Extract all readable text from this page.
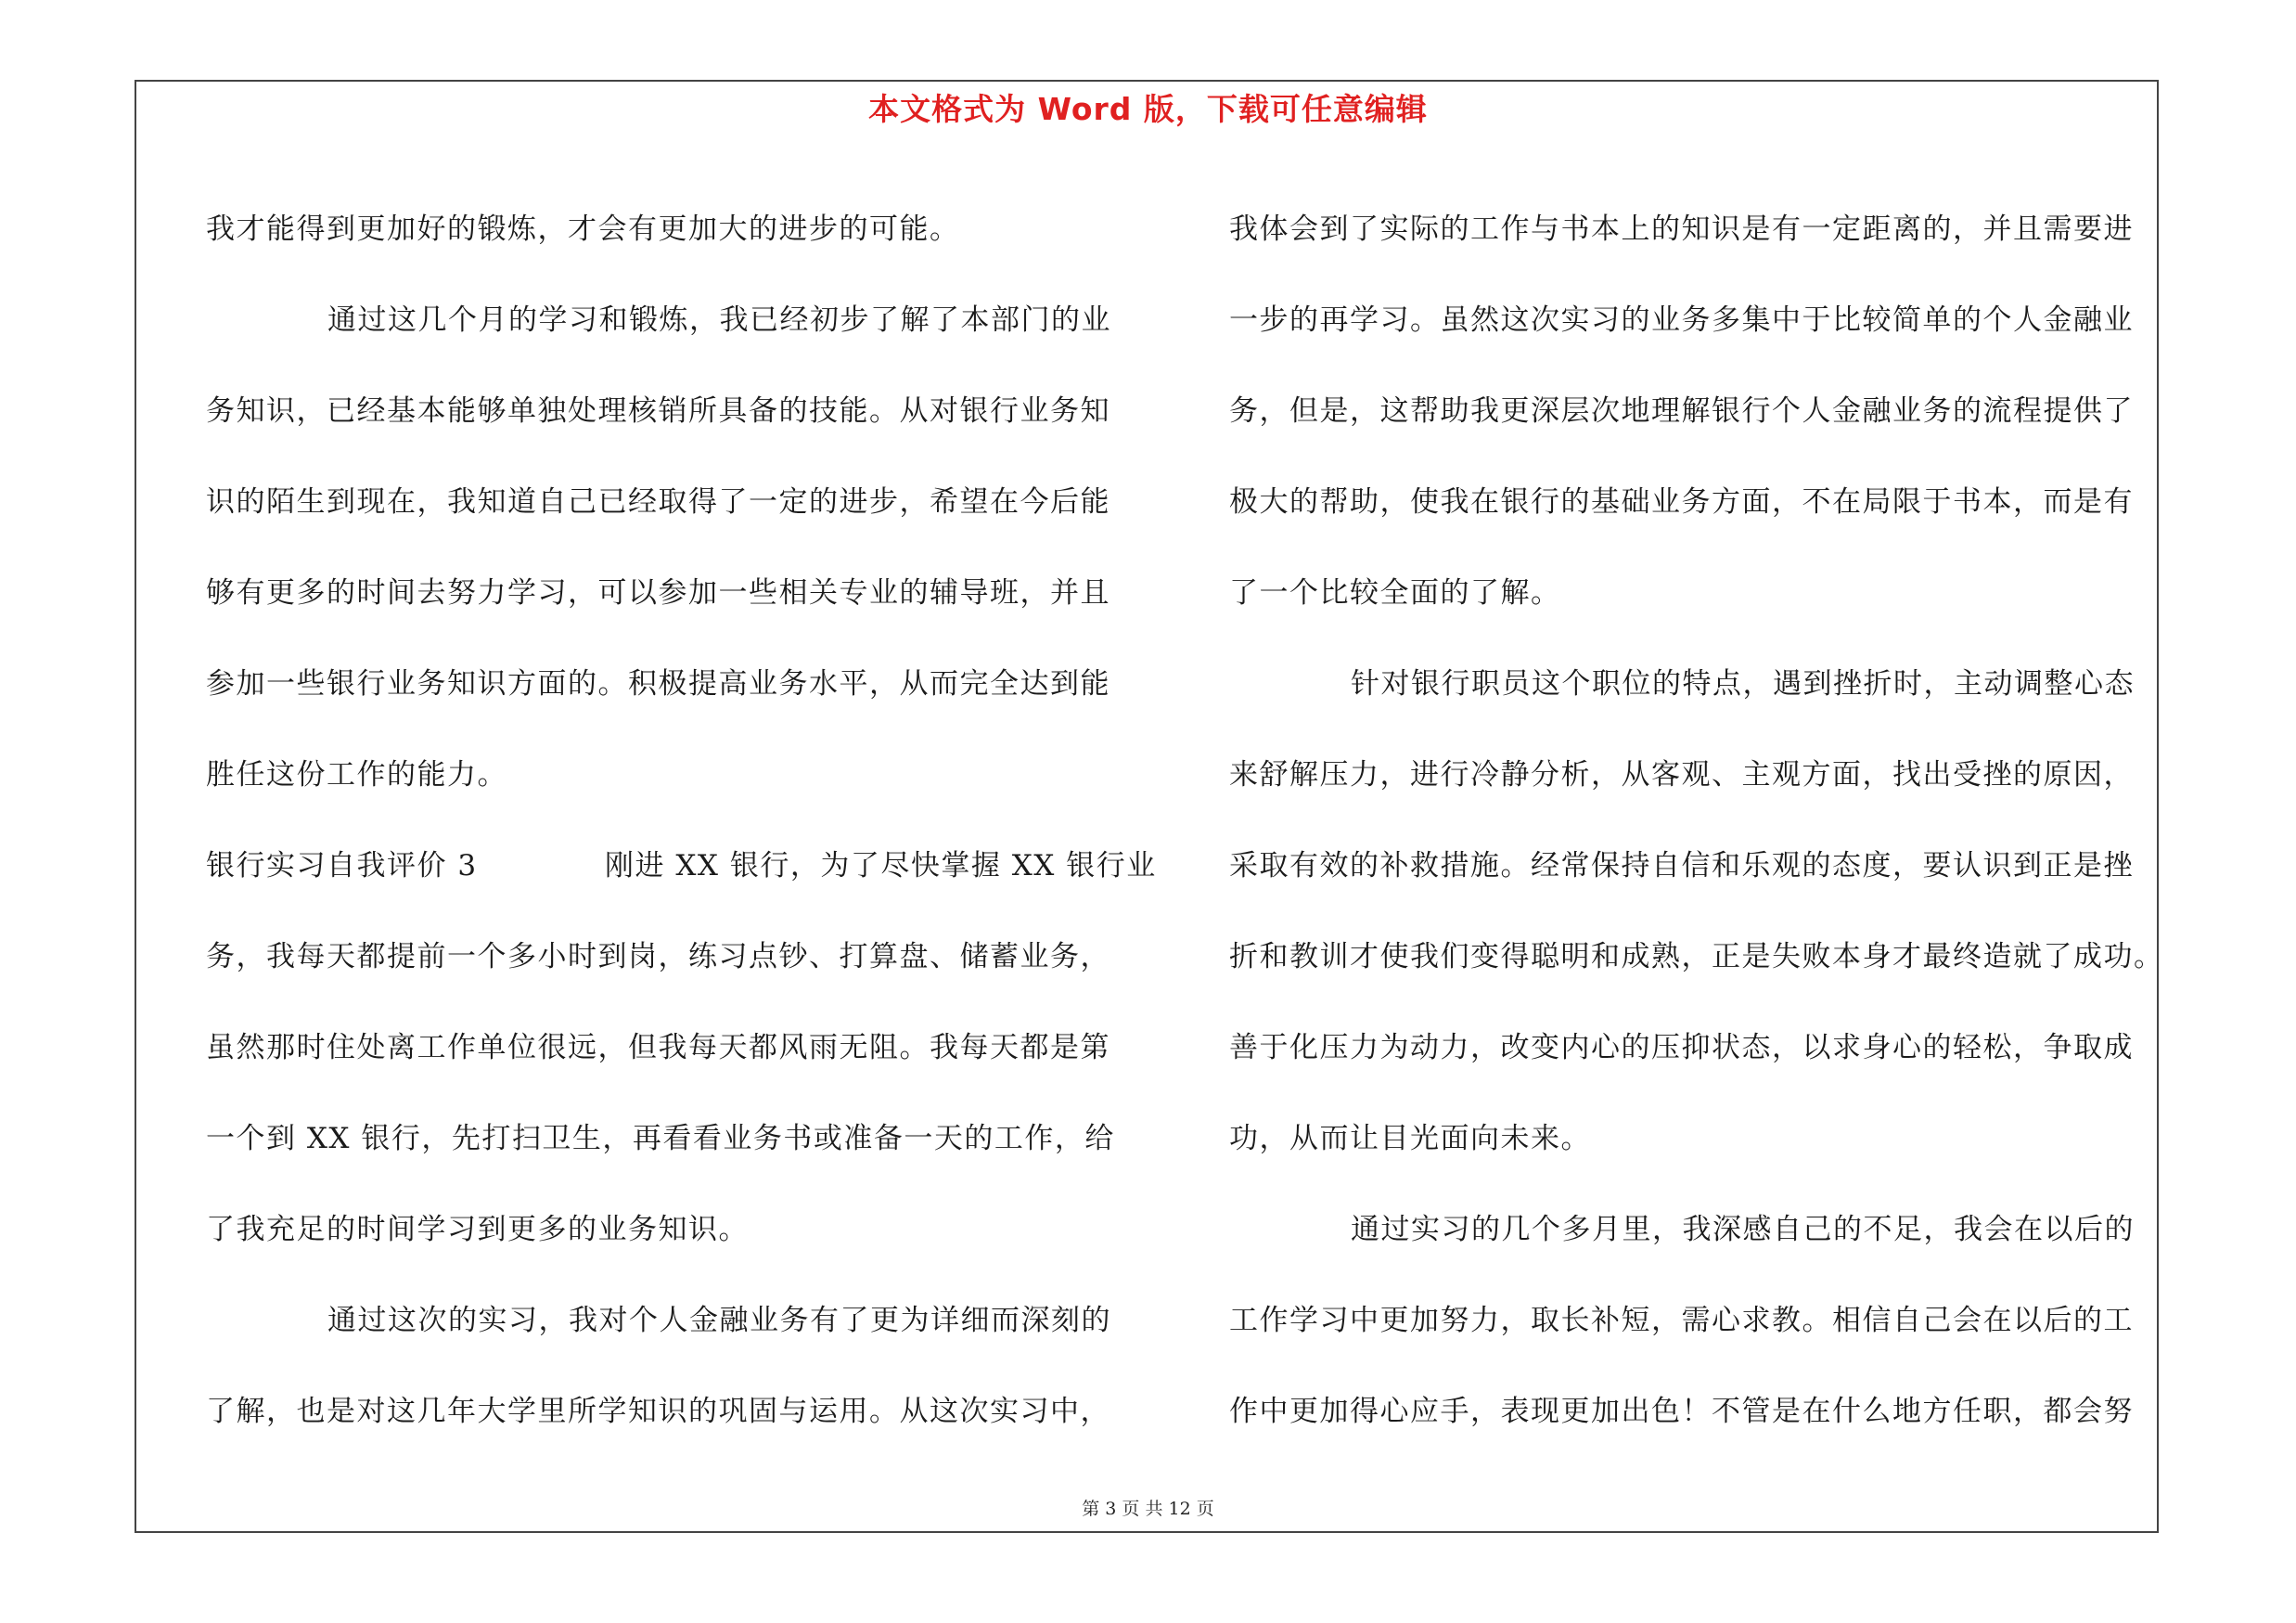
本文格式为 Word 版，下载可任意编辑
我才能得到更加好的锻炼，才会有更加大的进步的可能。
通过这几个月的学习和锻炼，我已经初步了解了本部门的业
务知识，已经基本能够单独处理核销所具备的技能。从对银行业务知
识的陌生到现在，我知道自己已经取得了一定的进步，希望在今后能
够有更多的时间去努力学习，可以参加一些相关专业的辅导班，并且
参加一些银行业务知识方面的。积极提高业务水平，从而完全达到能
胜任这份工作的能力。
银行实习自我评价 3	刚进 XX 银行，为了尽快掌握 XX 银行业
务，我每天都提前一个多小时到岗，练习点钞、打算盘、储蓄业务，
虽然那时住处离工作单位很远，但我每天都风雨无阻。我每天都是第
一个到 XX 银行，先打扫卫生，再看看业务书或准备一天的工作，给
了我充足的时间学习到更多的业务知识。
通过这次的实习，我对个人金融业务有了更为详细而深刻的
了解，也是对这几年大学里所学知识的巩固与运用。从这次实习中，
我体会到了实际的工作与书本上的知识是有一定距离的，并且需要进
一步的再学习。虽然这次实习的业务多集中于比较简单的个人金融业
务，但是，这帮助我更深层次地理解银行个人金融业务的流程提供了
极大的帮助，使我在银行的基础业务方面，不在局限于书本，而是有
了一个比较全面的了解。
针对银行职员这个职位的特点，遇到挫折时，主动调整心态
来舒解压力，进行冷静分析，从客观、主观方面，找出受挫的原因，
采取有效的补救措施。经常保持自信和乐观的态度，要认识到正是挫
折和教训才使我们变得聪明和成熟，正是失败本身才最终造就了成功。
善于化压力为动力，改变内心的压抑状态，以求身心的轻松，争取成
功，从而让目光面向未来。
通过实习的几个多月里，我深感自己的不足，我会在以后的
工作学习中更加努力，取长补短，需心求教。相信自己会在以后的工
作中更加得心应手，表现更加出色！不管是在什么地方任职，都会努
第 3 页 共 12 页
